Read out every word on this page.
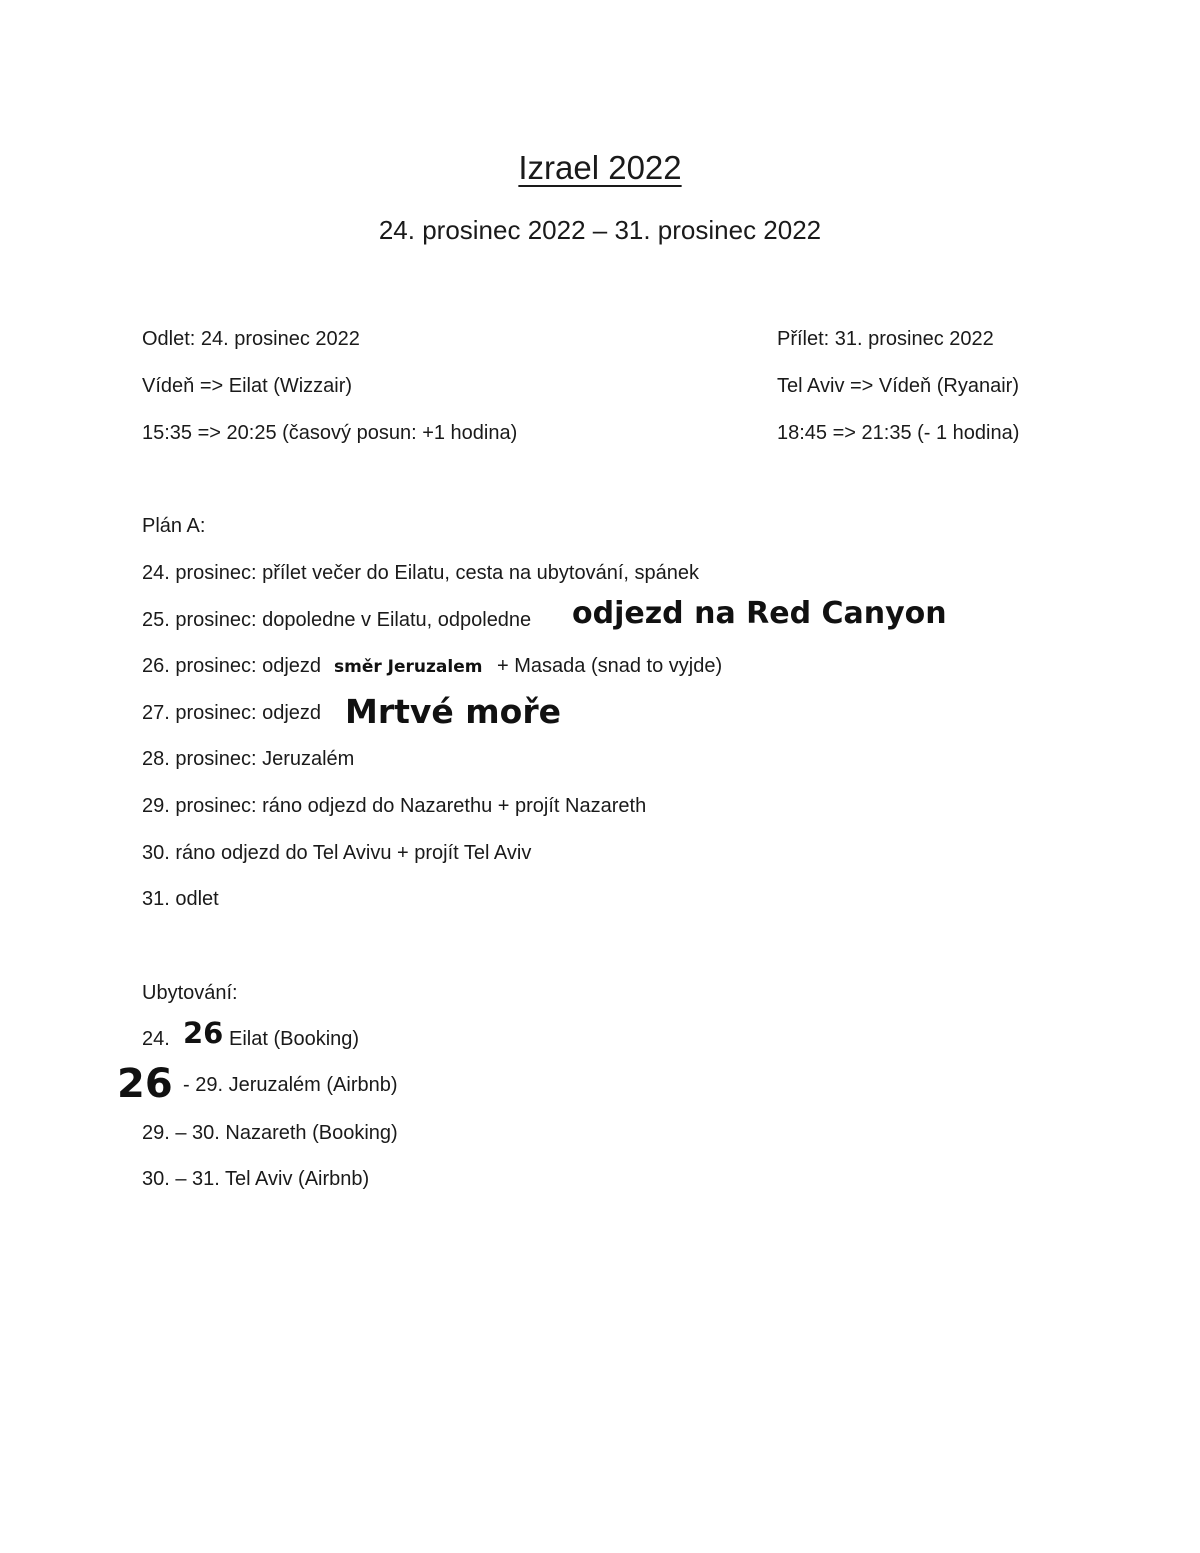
Izrael 2022
24. prosinec 2022 – 31. prosinec 2022
Odlet: 24. prosinec 2022
Vídeň => Eilat (Wizzair)
15:35 => 20:25 (časový posun: +1 hodina)
Přílet: 31. prosinec 2022
Tel Aviv => Vídeň (Ryanair)
18:45 => 21:35 (- 1 hodina)
Plán A:
24. prosinec: přílet večer do Eilatu, cesta na ubytování, spánek
25. prosinec: dopoledne v Eilatu, odpoledne odjezd na Red Canyon
26. prosinec: odjezd směr Jeruzalem + Masada (snad to vyjde)
27. prosinec: odjezd Mrtvé moře
28. prosinec: Jeruzalém
29. prosinec: ráno odjezd do Nazarethu + projít Nazareth
30. ráno odjezd do Tel Avivu + projít Tel Aviv
31. odlet
Ubytování:
24. 26 Eilat (Booking)
26 - 29. Jeruzalém (Airbnb)
29. – 30. Nazareth (Booking)
30. – 31. Tel Aviv (Airbnb)
